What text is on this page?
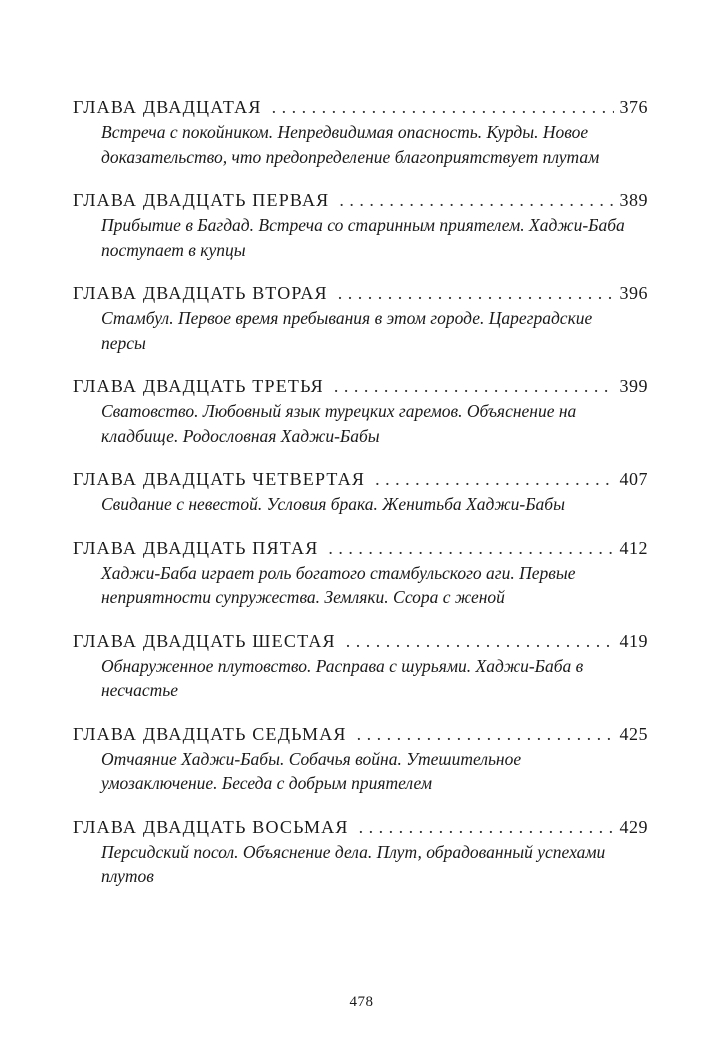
ГЛАВА ДВАДЦАТАЯ . . .	376
Встреча с покойником. Непредвидимая опасность. Курды. Новое доказательство, что предопределение благоприятствует плутам
ГЛАВА ДВАДЦАТЬ ПЕРВАЯ . . .	389
Прибытие в Багдад. Встреча со старинным приятелем. Хаджи-Баба поступает в купцы
ГЛАВА ДВАДЦАТЬ ВТОРАЯ . . .	396
Стамбул. Первое время пребывания в этом городе. Цареградские персы
ГЛАВА ДВАДЦАТЬ ТРЕТЬЯ . . .	399
Сватовство. Любовный язык турецких гаремов. Объяснение на кладбище. Родословная Хаджи-Бабы
ГЛАВА ДВАДЦАТЬ ЧЕТВЕРТАЯ . . .	407
Свидание с невестой. Условия брака. Женитьба Хаджи-Бабы
ГЛАВА ДВАДЦАТЬ ПЯТАЯ . . .	412
Хаджи-Баба играет роль богатого стамбульского аги. Первые неприятности супружества. Земляки. Ссора с женой
ГЛАВА ДВАДЦАТЬ ШЕСТАЯ . . .	419
Обнаруженное плутовство. Расправа с шурьями. Хаджи-Баба в несчастье
ГЛАВА ДВАДЦАТЬ СЕДЬМАЯ . . .	425
Отчаяние Хаджи-Бабы. Собачья война. Утешительное умозаключение. Беседа с добрым приятелем
ГЛАВА ДВАДЦАТЬ ВОСЬМАЯ . . .	429
Персидский посол. Объяснение дела. Плут, обрадованный успехами плутов
478
